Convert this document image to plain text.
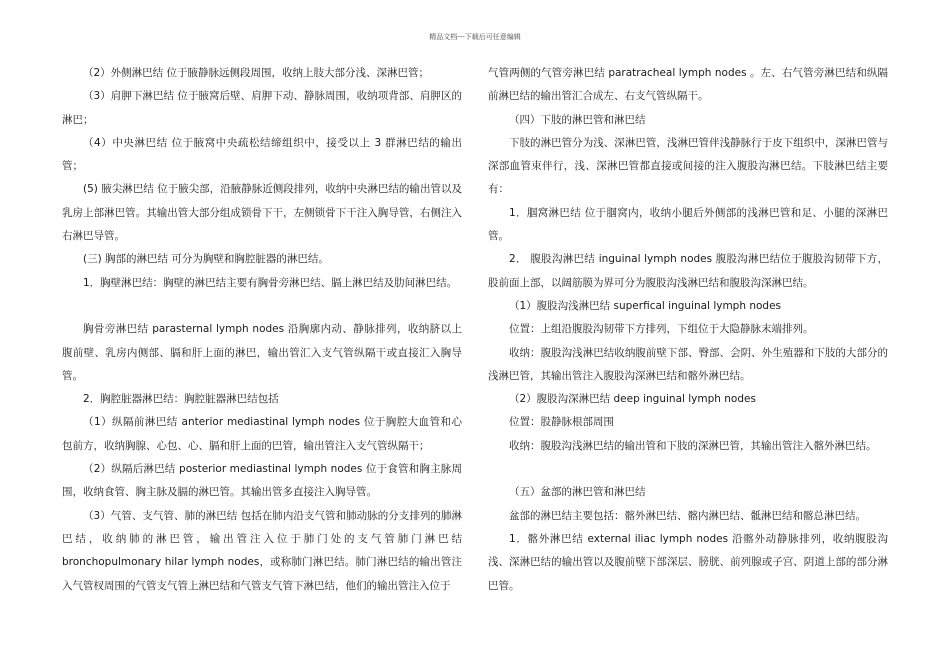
精品文档---下载后可任意编辑

（2）外侧淋巴结 位于腋静脉远侧段周围，收纳上肢大部分浅、深淋巴管；

（3）肩胛下淋巴结 位于腋窝后壁、肩胛下动、静脉周围，收纳项背部、肩胛区的淋巴；

（4）中央淋巴结 位于腋窝中央疏松结缔组织中，接受以上 3 群淋巴结的输出管；

(5) 腋尖淋巴结 位于腋尖部，沿腋静脉近侧段排列，收纳中央淋巴结的输出管以及乳房上部淋巴管。其输出管大部分组成锁骨下干，左侧锁骨下干注入胸导管，右侧注入右淋巴导管。

(三) 胸部的淋巴结 可分为胸壁和胸腔脏器的淋巴结。

1．胸壁淋巴结：胸壁的淋巴结主要有胸骨旁淋巴结、膈上淋巴结及肋间淋巴结。

胸骨旁淋巴结 parasternal lymph nodes 沿胸廓内动、静脉排列，收纳脐以上腹前壁、乳房内侧部、膈和肝上面的淋巴，输出管汇入支气管纵隔干或直接汇入胸导管。

2．胸腔脏器淋巴结：胸腔脏器淋巴结包括

（1）纵隔前淋巴结 anterior mediastinal lymph nodes 位于胸腔大血管和心包前方，收纳胸腺、心包、心、膈和肝上面的巴管，输出管注入支气管纵隔干；

（2）纵隔后淋巴结 posterior mediastinal lymph nodes 位于食管和胸主脉周围，收纳食管、胸主脉及膈的淋巴管。其输出管多直接注入胸导管。

（3）气管、支气管、肺的淋巴结 包括在肺内沿支气管和肺动脉的分支排列的肺淋巴结，收纳肺的淋巴管，输出管注入位于肺门处的支气管肺门淋巴结 bronchopulmonary hilar lymph nodes，或称肺门淋巴结。肺门淋巴结的输出管注入气管杈周围的气管支气管上淋巴结和气管支气管下淋巴结，他们的输出管注入位于

气管两侧的气管旁淋巴结 paratracheal lymph nodes 。左、右气管旁淋巴结和纵隔前淋巴结的输出管汇合成左、右支气管纵隔干。

（四）下肢的淋巴管和淋巴结

下肢的淋巴管分为浅、深淋巴管，浅淋巴管伴浅静脉行于皮下组织中，深淋巴管与深部血管束伴行，浅、深淋巴管都直接或间接的注入腹股沟淋巴结。下肢淋巴结主要有：

1．腘窝淋巴结 位于腘窝内，收纳小腿后外侧部的浅淋巴管和足、小腿的深淋巴管。

2． 腹股沟淋巴结 inguinal lymph nodes 腹股沟淋巴结位于腹股沟韧带下方，股前面上部，以阔筋膜为界可分为腹股沟浅淋巴结和腹股沟深淋巴结。

（1）腹股沟浅淋巴结 superfical inguinal lymph nodes

位置：上组沿腹股沟韧带下方排列，下组位于大隐静脉末端排列。

收纳：腹股沟浅淋巴结收纳腹前壁下部、臀部、会阴、外生殖器和下肢的大部分的浅淋巴管，其输出管注入腹股沟深淋巴结和髂外淋巴结。

（2）腹股沟深淋巴结 deep inguinal lymph nodes

位置：股静脉根部周围

收纳：腹股沟浅淋巴结的输出管和下肢的深淋巴管，其输出管注入髂外淋巴结。

（五）盆部的淋巴管和淋巴结

盆部的淋巴结主要包括：髂外淋巴结、髂内淋巴结、骶淋巴结和髂总淋巴结。

1．髂外淋巴结 external iliac lymph nodes 沿髂外动静脉排列，收纳腹股沟浅、深淋巴结的输出管以及腹前壁下部深层、膀胱、前列腺或子宫、阴道上部的部分淋巴管。
